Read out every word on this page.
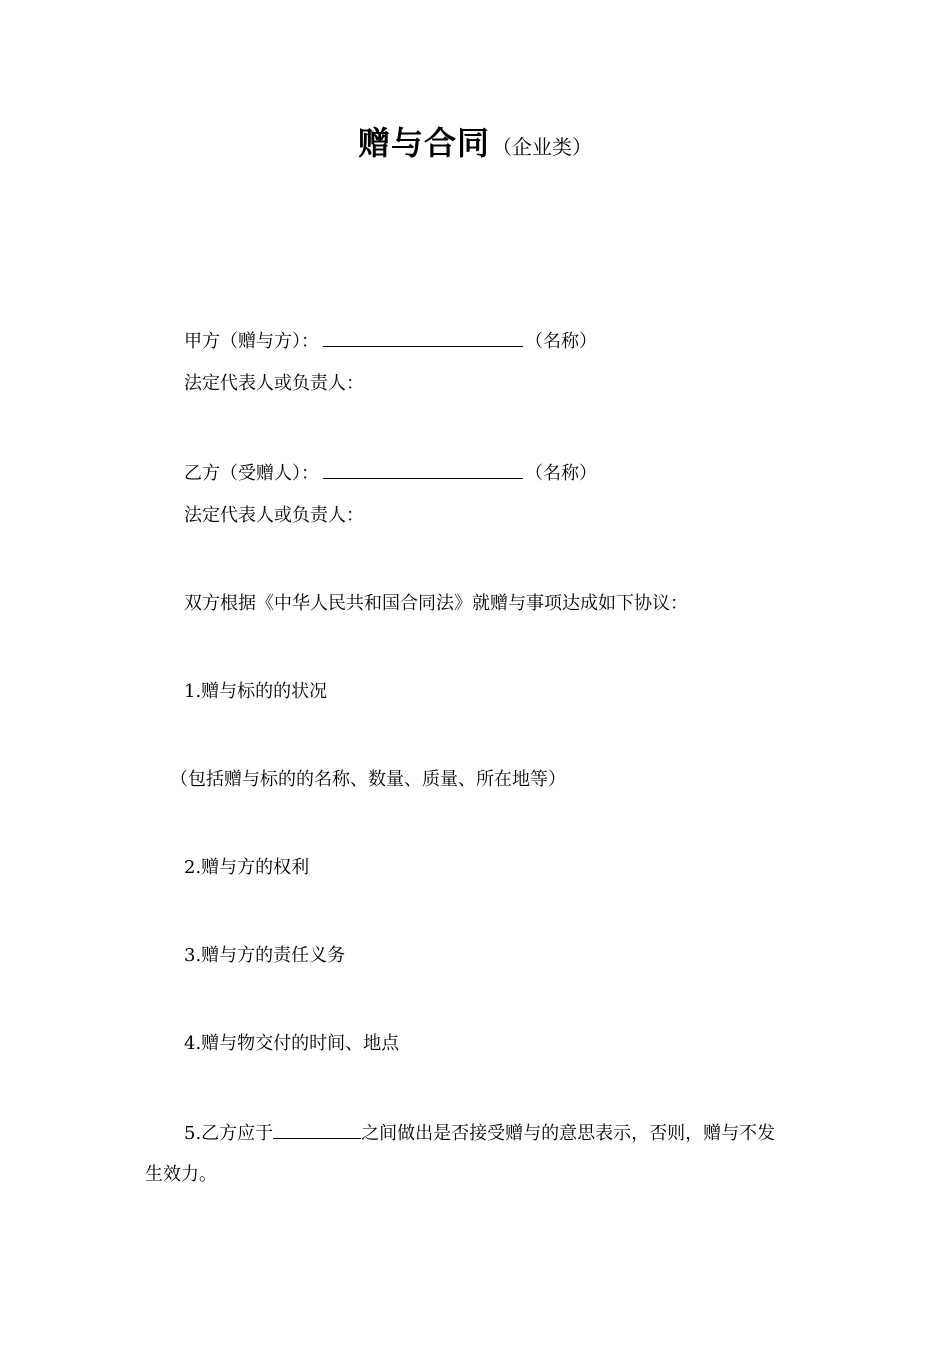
赠与合同 （企业类）
甲方（赠与方）：	（名称）
法定代表人或负责人：
乙方（受赠人）：	（名称）
法定代表人或负责人：
双方根据《中华人民共和国合同法》就赠与事项达成如下协议：
1.赠与标的的状况
（包括赠与标的的名称、数量、质量、所在地等）
2.赠与方的权利
3.赠与方的责任义务
4.赠与物交付的时间、地点
5.乙方应于	之间做出是否接受赠与的意思表示，否则，赠与不发
生效力。
